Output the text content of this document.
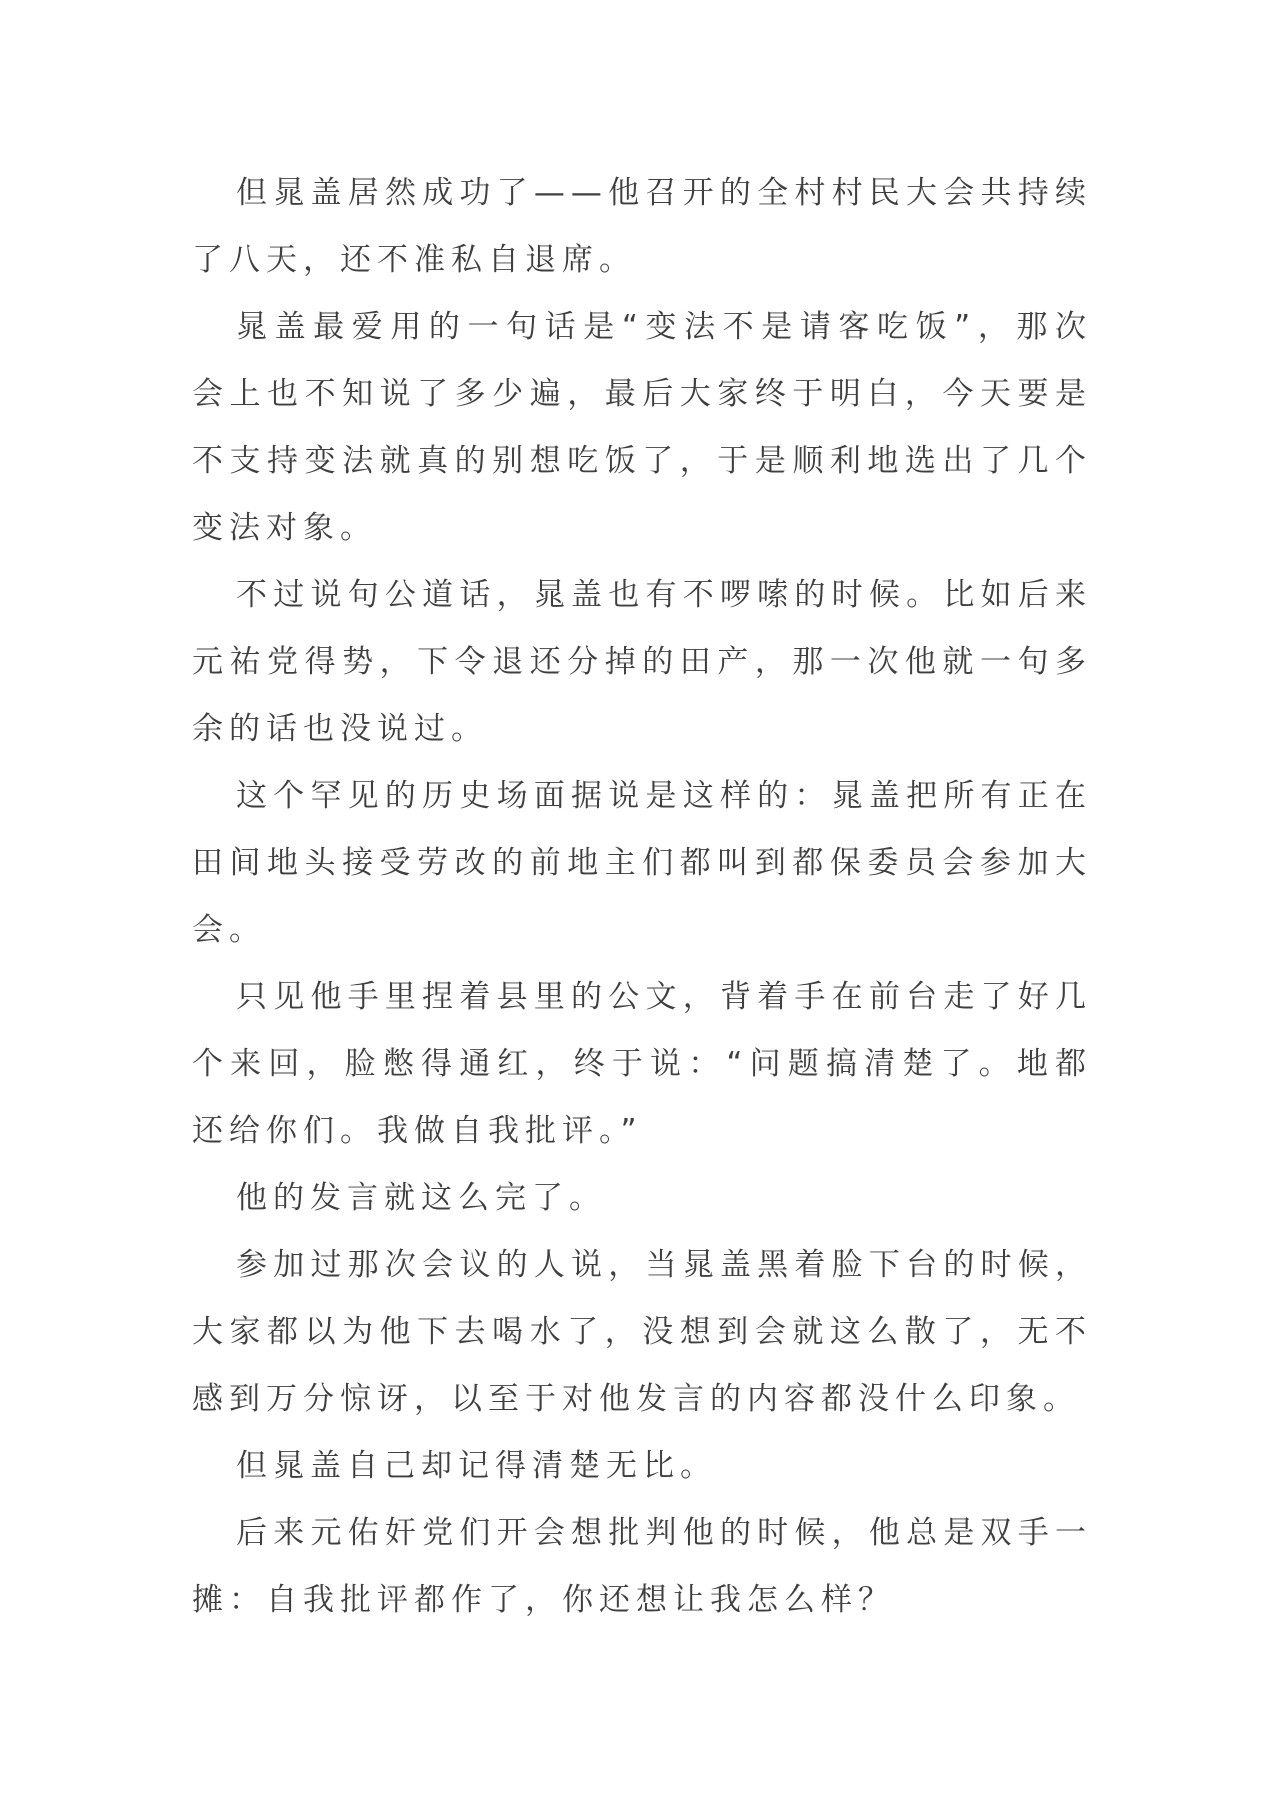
但晁盖居然成功了——他召开的全村村民大会共持续了八天，还不准私自退席。

晁盖最爱用的一句话是“变法不是请客吃饭”，那次会上也不知说了多少遍，最后大家终于明白，今天要是不支持变法就真的别想吃饭了，于是顺利地选出了几个变法对象。

不过说句公道话，晁盖也有不啰嗦的时候。比如后来元祐党得势，下令退还分掉的田产，那一次他就一句多余的话也没说过。

这个罕见的历史场面据说是这样的：晁盖把所有正在田间地头接受劳改的前地主们都叫到都保委员会参加大会。

只见他手里捏着县里的公文，背着手在前台走了好几个来回，脸憋得通红，终于说：“问题搞清楚了。地都还给你们。我做自我批评。”

他的发言就这么完了。

参加过那次会议的人说，当晁盖黑着脸下台的时候，大家都以为他下去喝水了，没想到会就这么散了，无不感到万分惊讶，以至于对他发言的内容都没什么印象。

但晁盖自己却记得清楚无比。

后来元佑奸党们开会想批判他的时候，他总是双手一摊：自我批评都作了，你还想让我怎么样？
